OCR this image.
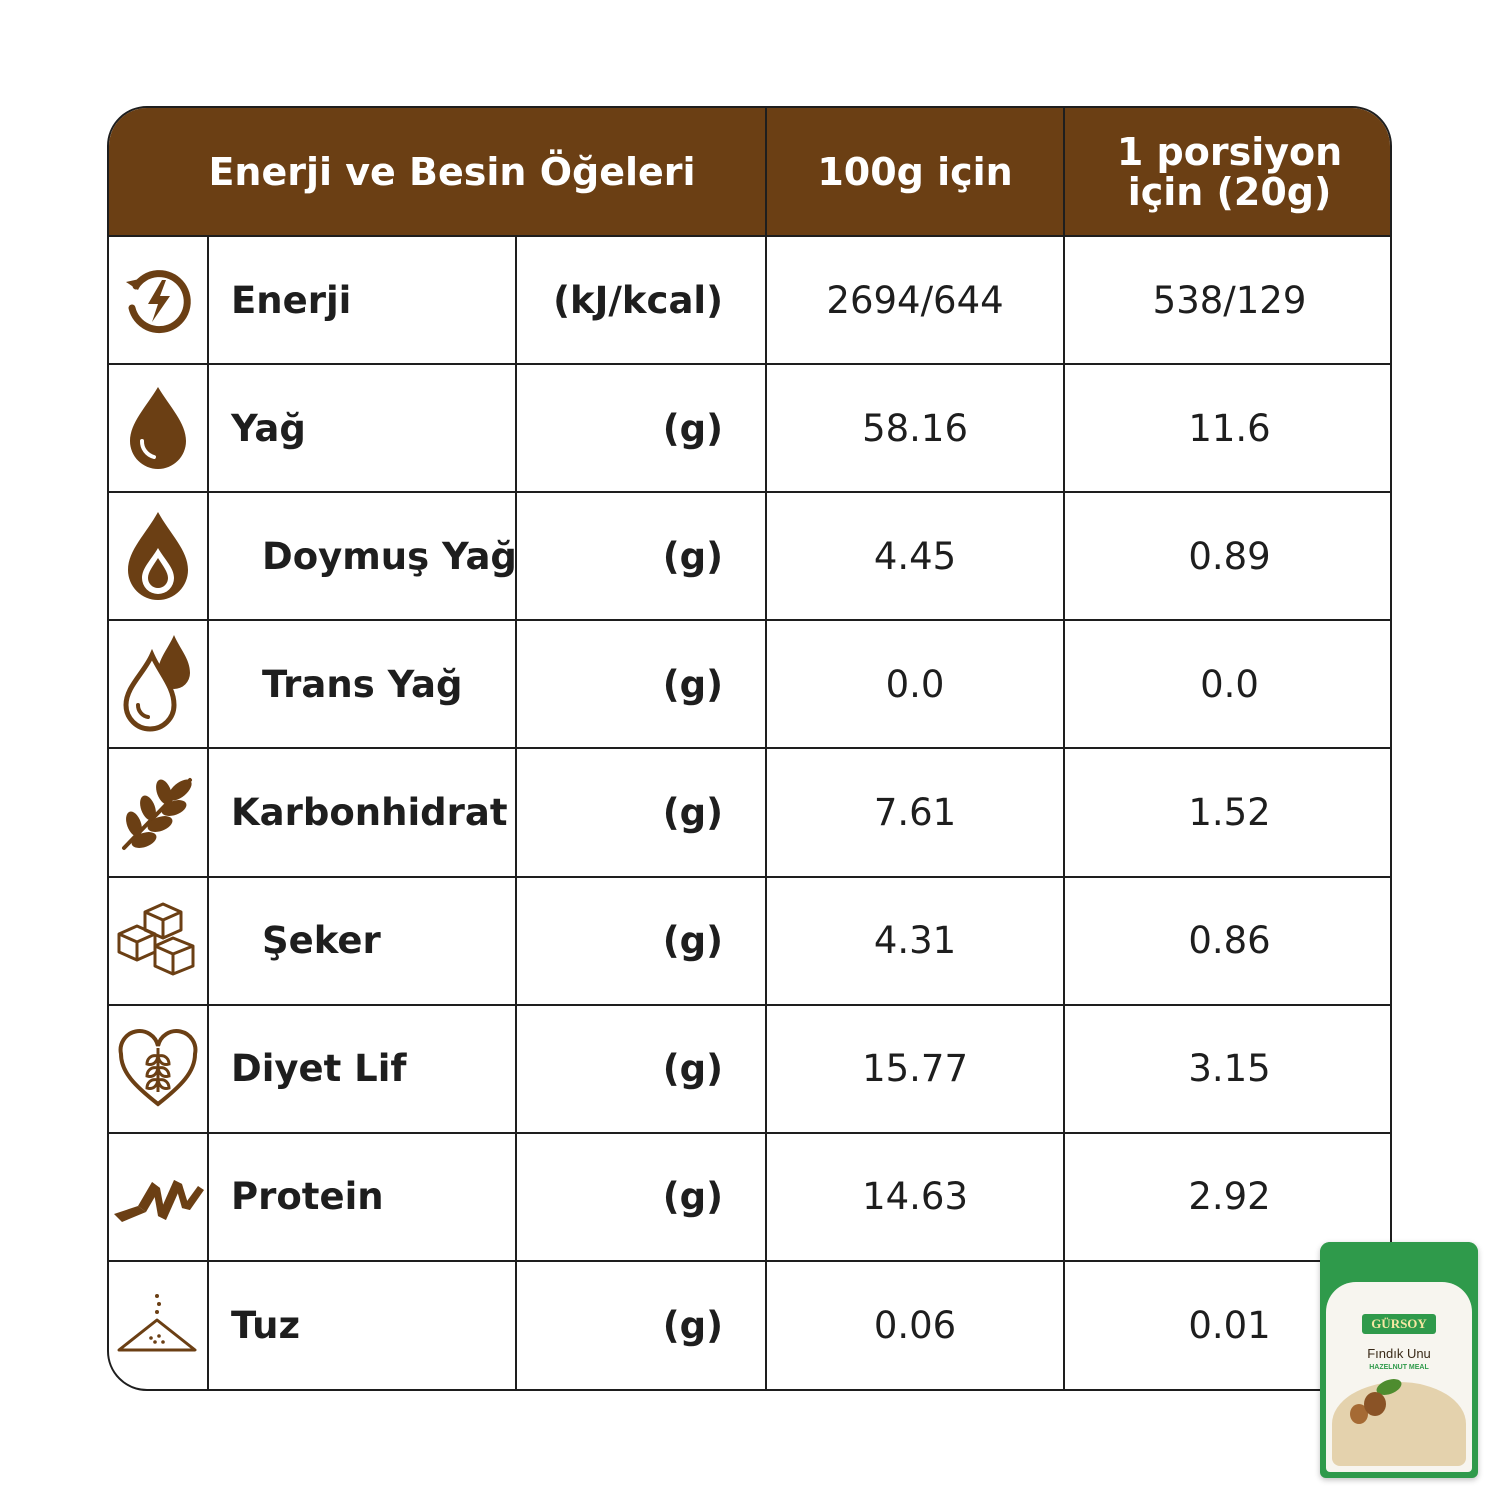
Enerji ve Besin Öğeleri			100g için	1 porsiyon
için (20g)

	Enerji	(kJ/kcal)	2694/644	538/129

	Yağ	(g)	58.16	11.6

	Doymuş Yağ	(g)	4.45	0.89

	Trans Yağ	(g)	0.0	0.0

	Karbonhidrat	(g)	7.61	1.52

	Şeker	(g)	4.31	0.86

	Diyet Lif	(g)	15.77	3.15

	Protein	(g)	14.63	2.92

	Tuz	(g)	0.06	0.01	GÜRSOY
Fındık Unu
HAZELNUT MEAL
